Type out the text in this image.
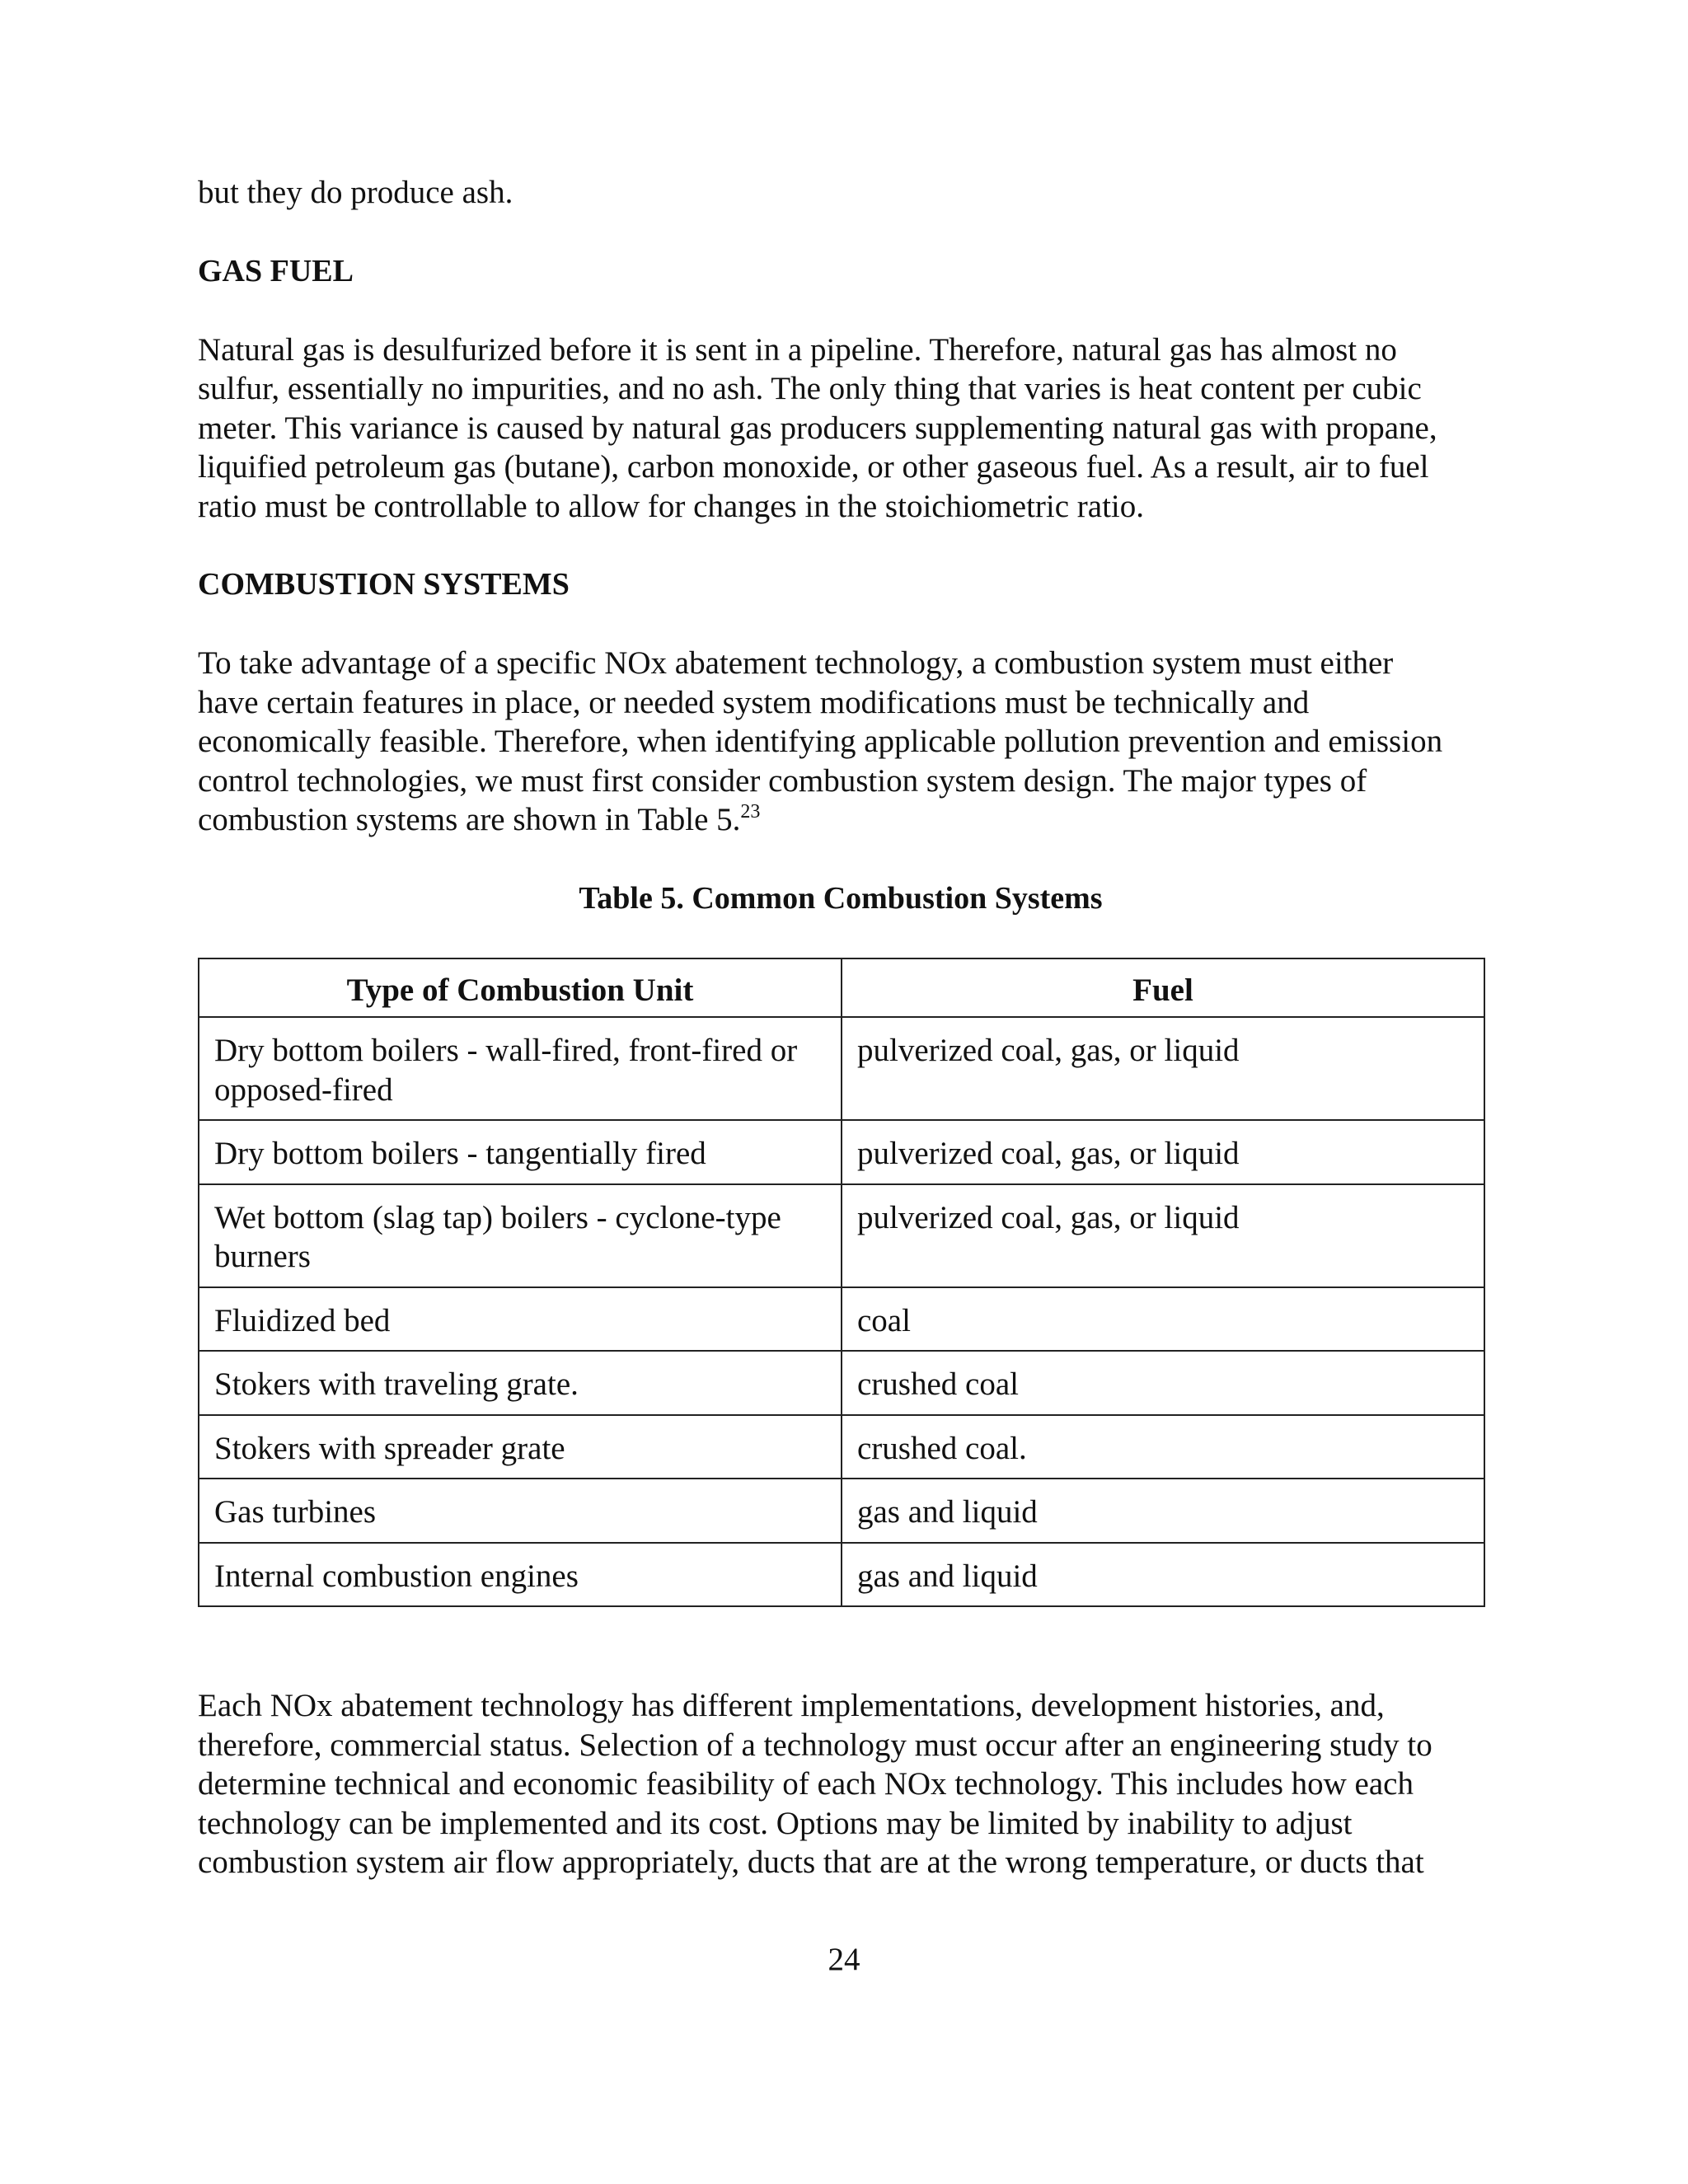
but they do produce ash.

GAS FUEL

Natural gas is desulfurized before it is sent in a pipeline. Therefore, natural gas has almost no
sulfur, essentially no impurities, and no ash. The only thing that varies is heat content per cubic
meter. This variance is caused by natural gas producers supplementing natural gas with propane,
liquified petroleum gas (butane), carbon monoxide, or other gaseous fuel. As a result, air to fuel
ratio must be controllable to allow for changes in the stoichiometric ratio.

COMBUSTION SYSTEMS

To take advantage of a specific NOx abatement technology, a combustion system must either
have certain features in place, or needed system modifications must be technically and
economically feasible. Therefore, when identifying applicable pollution prevention and emission
control technologies, we must first consider combustion system design. The major types of
combustion systems are shown in Table 5.23

Table 5. Common Combustion Systems

Type of Combustion Unit	Fuel
Dry bottom boilers - wall-fired, front-fired or
opposed-fired	pulverized coal, gas, or liquid
Dry bottom boilers - tangentially fired	pulverized coal, gas, or liquid
Wet bottom (slag tap) boilers - cyclone-type
burners	pulverized coal, gas, or liquid
Fluidized bed	coal
Stokers with traveling grate.	crushed coal
Stokers with spreader grate	crushed coal.
Gas turbines	gas and liquid
Internal combustion engines	gas and liquid

Each NOx abatement technology has different implementations, development histories, and,
therefore, commercial status. Selection of a technology must occur after an engineering study to
determine technical and economic feasibility of each NOx technology. This includes how each
technology can be implemented and its cost. Options may be limited by inability to adjust
combustion system air flow appropriately, ducts that are at the wrong temperature, or ducts that

24
